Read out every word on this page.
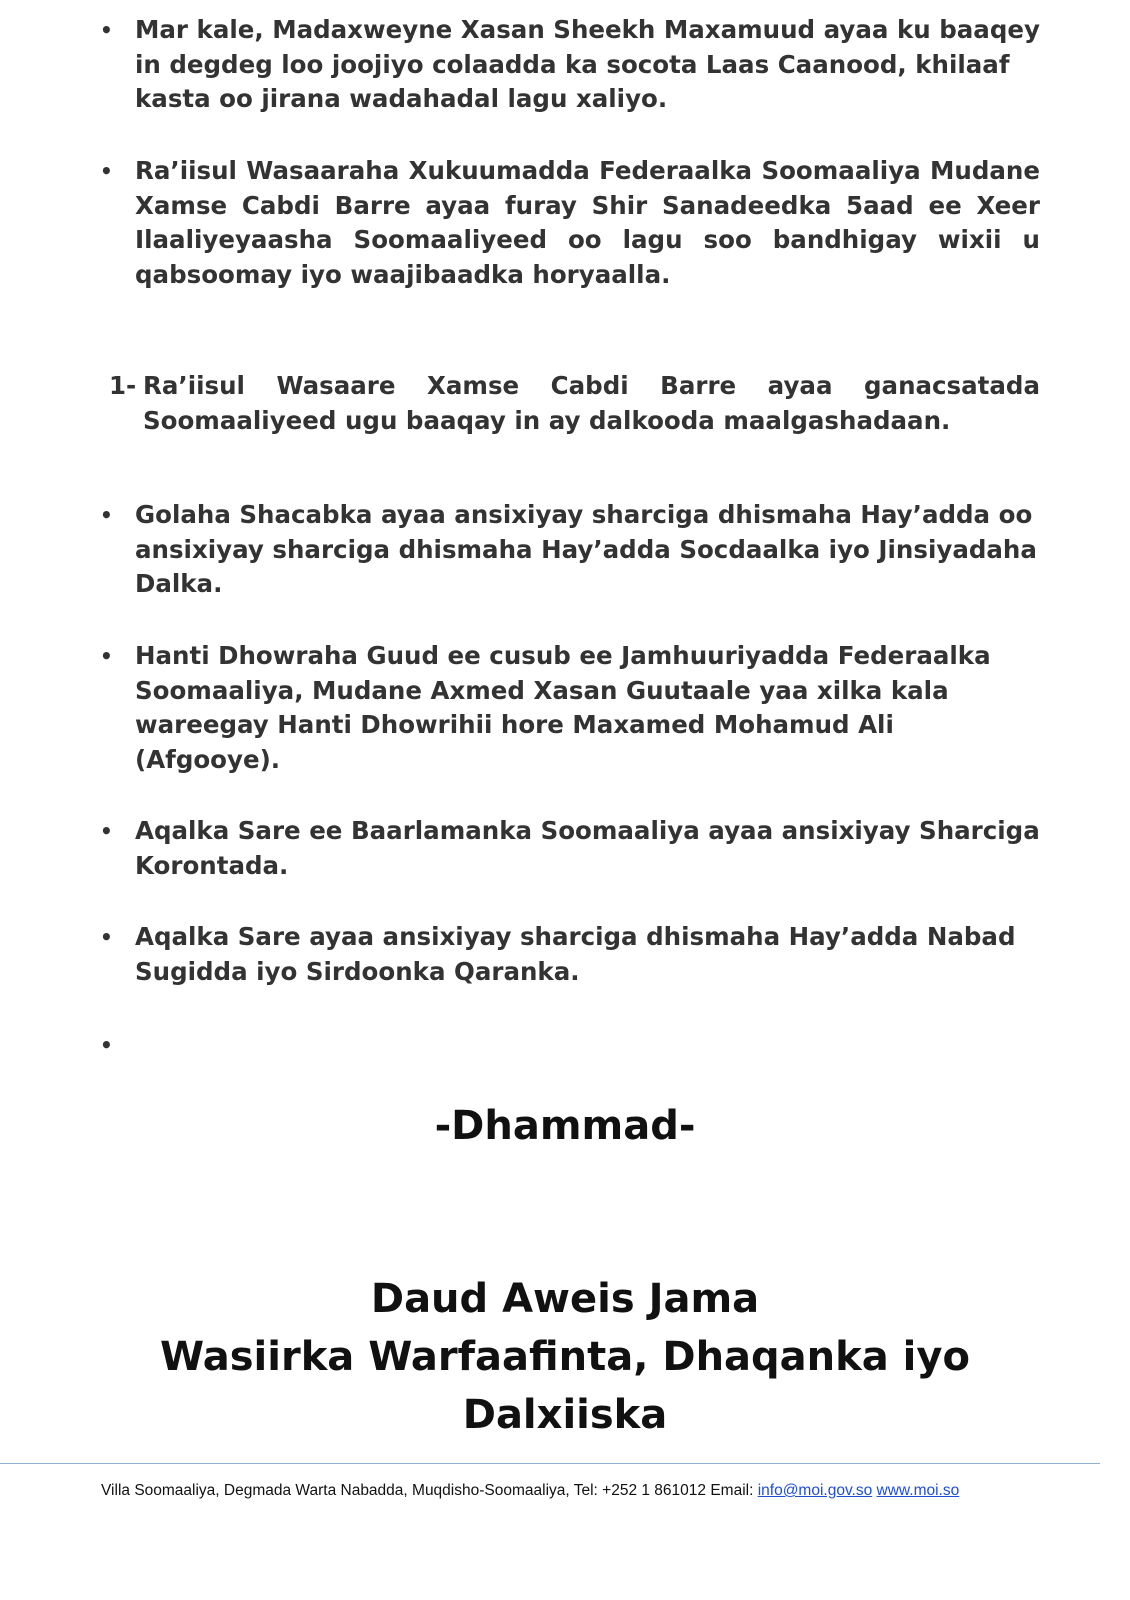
• Mar kale, Madaxweyne Xasan Sheekh Maxamuud ayaa ku baaqey in degdeg loo joojiyo colaadda ka socota Laas Caanood, khilaaf kasta oo jirana wadahadal lagu xaliyo.
• Ra’iisul Wasaaraha Xukuumadda Federaalka Soomaaliya Mudane Xamse Cabdi Barre ayaa furay Shir Sanadeedka 5aad ee Xeer Ilaaliyeyaasha Soomaaliyeed oo lagu soo bandhigay wixii u qabsoomay iyo waajibaadka horyaalla.
1- Ra’iisul Wasaare Xamse Cabdi Barre ayaa ganacsatada Soomaaliyeed ugu baaqay in ay dalkooda maalgashadaan.
• Golaha Shacabka ayaa ansixiyay sharciga dhismaha Hay’adda oo ansixiyay sharciga dhismaha Hay’adda Socdaalka iyo Jinsiyadaha Dalka.
• Hanti Dhowraha Guud ee cusub ee Jamhuuriyadda Federaalka Soomaaliya, Mudane Axmed Xasan Guutaale yaa xilka kala wareegay Hanti Dhowrihii hore Maxamed Mohamud Ali (Afgooye).
• Aqalka Sare ee Baarlamanka Soomaaliya ayaa ansixiyay Sharciga Korontada.
• Aqalka Sare ayaa ansixiyay sharciga dhismaha Hay’adda Nabad Sugidda iyo Sirdoonka Qaranka.
•
-Dhammad-
Daud Aweis Jama
Wasiirka Warfaafinta, Dhaqanka iyo
Dalxiiska
Villa Soomaaliya, Degmada Warta Nabadda, Muqdisho-Soomaaliya, Tel: +252 1 861012 Email: info@moi.gov.so www.moi.so
